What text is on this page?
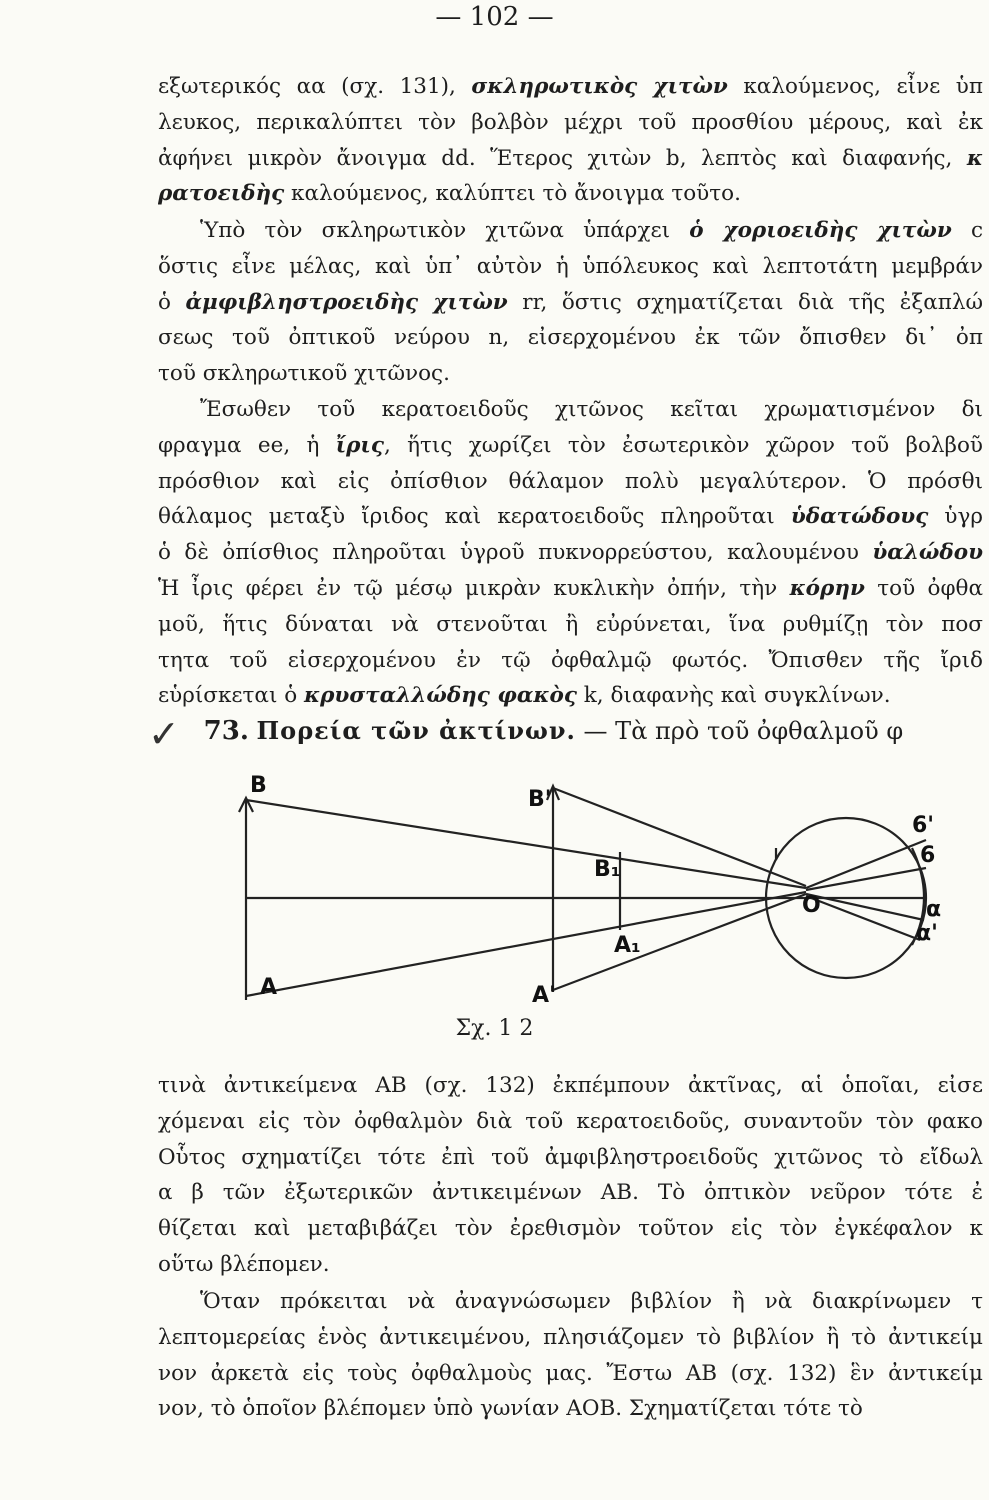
— 102 —
εξωτερικός αα (σχ. 131), σκληρωτικὸς χιτὼν καλούμενος, εἶνε ὑπ
λευκος, περικαλύπτει τὸν βολβὸν μέχρι τοῦ προσθίου μέρους, καὶ ἐκ
ἀφήνει μικρὸν ἄνοιγμα dd. Ἕτερος χιτὼν b, λεπτὸς καὶ διαφανής, κ
ρατοειδὴς καλούμενος, καλύπτει τὸ ἄνοιγμα τοῦτο.
Ὑπὸ τὸν σκληρωτικὸν χιτῶνα ὑπάρχει ὁ χοριοειδὴς χιτὼν c
ὅστις εἶνε μέλας, καὶ ὑπ᾿ αὐτὸν ἡ ὑπόλευκος καὶ λεπτοτάτη μεμβράν
ὁ ἀμφιβληστροειδὴς χιτὼν rr, ὅστις σχηματίζεται διὰ τῆς ἐξαπλώ
σεως τοῦ ὀπτικοῦ νεύρου n, εἰσερχομένου ἐκ τῶν ὄπισθεν δι᾿ ὀπ
τοῦ σκληρωτικοῦ χιτῶνος.
Ἔσωθεν τοῦ κερατοειδοῦς χιτῶνος κεῖται χρωματισμένον δι
φραγμα ee, ἡ ἴρις, ἥτις χωρίζει τὸν ἐσωτερικὸν χῶρον τοῦ βολβοῦ
πρόσθιον καὶ εἰς ὀπίσθιον θάλαμον πολὺ μεγαλύτερον. Ὁ πρόσθι
θάλαμος μεταξὺ ἴριδος καὶ κερατοειδοῦς πληροῦται ὑδατώδους ὑγρ
ὁ δὲ ὀπίσθιος πληροῦται ὑγροῦ πυκνορρεύστου, καλουμένου ὑαλώδου
Ἡ ἶρις φέρει ἐν τῷ μέσῳ μικρὰν κυκλικὴν ὀπήν, τὴν κόρην τοῦ ὀφθα
μοῦ, ἥτις δύναται νὰ στενοῦται ἢ εὐρύνεται, ἵνα ρυθμίζῃ τὸν ποσ
τητα τοῦ εἰσερχομένου ἐν τῷ ὀφθαλμῷ φωτός. Ὄπισθεν τῆς ἴριδ
εὑρίσκεται ὁ κρυσταλλώδης φακὸς k, διαφανὴς καὶ συγκλίνων.
τινὰ ἀντικείμενα ΑΒ (σχ. 132) ἐκπέμπουν ἀκτῖνας, αἱ ὁποῖαι, εἰσε
χόμεναι εἰς τὸν ὀφθαλμὸν διὰ τοῦ κερατοειδοῦς, συναντοῦν τὸν φακο
Οὗτος σχηματίζει τότε ἐπὶ τοῦ ἀμφιβληστροειδοῦς χιτῶνος τὸ εἴδωλ
α β τῶν ἐξωτερικῶν ἀντικειμένων ΑΒ. Τὸ ὀπτικὸν νεῦρον τότε ἐ
θίζεται καὶ μεταβιβάζει τὸν ἐρεθισμὸν τοῦτον εἰς τὸν ἐγκέφαλον κ
οὕτω βλέπομεν.
Ὅταν πρόκειται νὰ ἀναγνώσωμεν βιβλίον ἢ νὰ διακρίνωμεν τ
λεπτομερείας ἑνὸς ἀντικειμένου, πλησιάζομεν τὸ βιβλίον ἢ τὸ ἀντικείμ
νον ἀρκετὰ εἰς τοὺς ὀφθαλμοὺς μας. Ἔστω ΑΒ (σχ. 132) ἓν ἀντικείμ
νον, τὸ ὁποῖον βλέπομεν ὑπὸ γωνίαν ΑΟΒ. Σχηματίζεται τότε τὸ
✓ 73. Πορεία τῶν ἀκτίνων. — Τὰ πρὸ τοῦ ὀφθαλμοῦ φ
B
A
B'
A'
B₁
A₁
O
6'
6
α
α'
Σχ. 1 2
